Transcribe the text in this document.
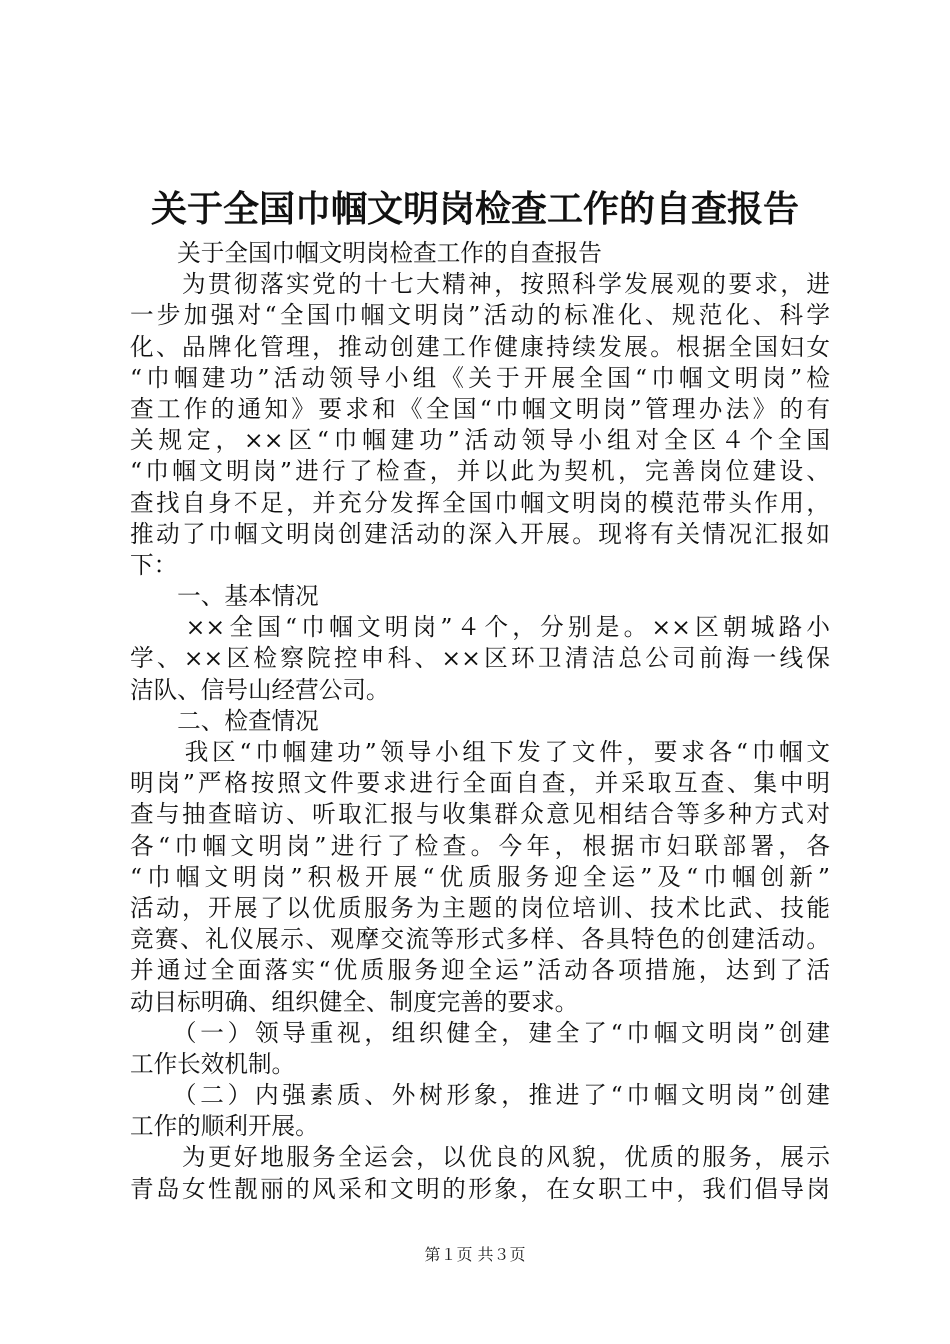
关于全国巾帼文明岗检查工作的自查报告
　　关于全国巾帼文明岗检查工作的自查报告
　　为贯彻落实党的十七大精神，按照科学发展观的要求，进
一步加强对“全国巾帼文明岗”活动的标准化、规范化、科学
化、品牌化管理，推动创建工作健康持续发展。根据全国妇女
“巾帼建功”活动领导小组《关于开展全国“巾帼文明岗”检
查工作的通知》要求和《全国“巾帼文明岗”管理办法》的有
关规定，××区“巾帼建功”活动领导小组对全区４个全国
“巾帼文明岗”进行了检查，并以此为契机，完善岗位建设、
查找自身不足，并充分发挥全国巾帼文明岗的模范带头作用，
推动了巾帼文明岗创建活动的深入开展。现将有关情况汇报如
下：
　　一、基本情况
　　××全国“巾帼文明岗”４个，分别是。××区朝城路小
学、××区检察院控申科、××区环卫清洁总公司前海一线保
洁队、信号山经营公司。
　　二、检查情况
　　我区“巾帼建功”领导小组下发了文件，要求各“巾帼文
明岗”严格按照文件要求进行全面自查，并采取互查、集中明
查与抽查暗访、听取汇报与收集群众意见相结合等多种方式对
各“巾帼文明岗”进行了检查。今年，根据市妇联部署，各
“巾帼文明岗”积极开展“优质服务迎全运”及“巾帼创新”
活动，开展了以优质服务为主题的岗位培训、技术比武、技能
竞赛、礼仪展示、观摩交流等形式多样、各具特色的创建活动。
并通过全面落实“优质服务迎全运”活动各项措施，达到了活
动目标明确、组织健全、制度完善的要求。
　　（一）领导重视，组织健全，建全了“巾帼文明岗”创建
工作长效机制。
　　（二）内强素质、外树形象，推进了“巾帼文明岗”创建
工作的顺利开展。
　　为更好地服务全运会，以优良的风貌，优质的服务，展示
青岛女性靓丽的风采和文明的形象，在女职工中，我们倡导岗
第１页 共３页
